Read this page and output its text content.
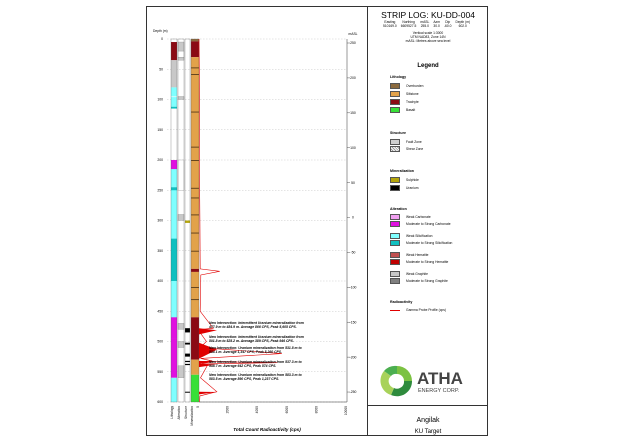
0
50
100
150
200
250
300
350
400
450
500
550
600
Depth (m)
250
200
150
100
50
0
-50
-100
-150
-200
-250
mASL
0	2000	4000	6000	8000	10000
Total Count Radioactivity (cps)
New Intersection: Intermittent Uranium mineralization from
477.9 m to 484.9 m. Average 866 CPS, Peak 5,605 CPS.
New Intersection: Intermittent Uranium mineralization from
501.8 m to 525.2 m. Average 389 CPS, Peak 946 CPS.
New Intersection: Uranium mineralization from 531.8 m to
534.1 m. Average 1,347 CPS, Peak 5,260 CPS.
New Intersection: Uranium mineralization from 537.3 m to
538.7 m. Average 642 CPS, Peak 574 CPS.
New Intersection: Uranium mineralization from 583.3 m to
583.5 m. Average 890 CPS, Peak 1,237 CPS.
Lithology Alteration Structure Mineralization
STRIP LOG: KU-DD-004
Easting
510169.0
Northing
6609527.5
mASL
255.0
Azm
30.0
Dip
-60.0
Depth (m)
602.0
Vertical scale 1:3000
UTM NAD83, Zone 14N
mASL: Metres above sea level
Legend
Lithology
Overburden
Siltstone
Trachyte
Basalt
Structure
Fault Zone
Shear Zone
Mineralization
Sulphide
Uranium
Alteration
Weak Carbonate
Moderate to Strong Carbonate
Weak Silicification
Moderate to Strong Silicification
Weak Hematite
Moderate to Strong Hematite
Weak Graphite
Moderate to Strong Graphite
Radioactivity
Gamma Probe Profile (cps)
ATHA
ENERGY CORP.
Angilak
KU Target
